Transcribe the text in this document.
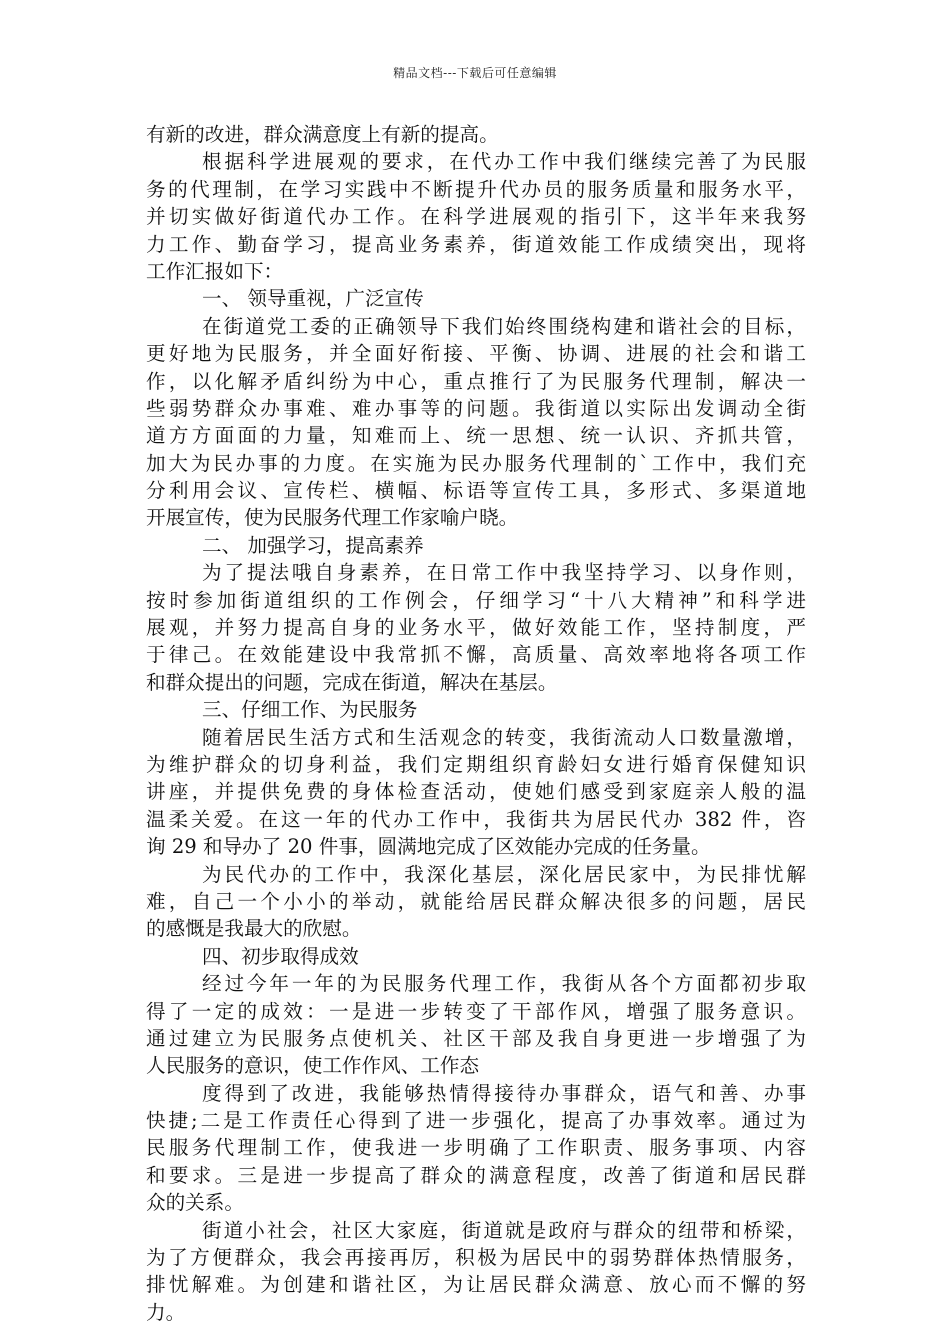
精品文档---下载后可任意编辑
有新的改进，群众满意度上有新的提高。
根据科学进展观的要求，在代办工作中我们继续完善了为民服
务的代理制，在学习实践中不断提升代办员的服务质量和服务水平，
并切实做好街道代办工作。在科学进展观的指引下，这半年来我努
力工作、勤奋学习，提高业务素养，街道效能工作成绩突出，现将
工作汇报如下：
一、 领导重视，广泛宣传
在街道党工委的正确领导下我们始终围绕构建和谐社会的目标，
更好地为民服务，并全面好衔接、平衡、协调、进展的社会和谐工
作，以化解矛盾纠纷为中心，重点推行了为民服务代理制，解决一
些弱势群众办事难、难办事等的问题。我街道以实际出发调动全街
道方方面面的力量，知难而上、统一思想、统一认识、齐抓共管，
加大为民办事的力度。在实施为民办服务代理制的`工作中，我们充
分利用会议、宣传栏、横幅、标语等宣传工具，多形式、多渠道地
开展宣传，使为民服务代理工作家喻户晓。
二、 加强学习，提高素养
为了提法哦自身素养，在日常工作中我坚持学习、以身作则，
按时参加街道组织的工作例会，仔细学习“十八大精神”和科学进
展观，并努力提高自身的业务水平，做好效能工作，坚持制度，严
于律己。在效能建设中我常抓不懈，高质量、高效率地将各项工作
和群众提出的问题，完成在街道，解决在基层。
三、仔细工作、为民服务
随着居民生活方式和生活观念的转变，我街流动人口数量激增，
为维护群众的切身利益，我们定期组织育龄妇女进行婚育保健知识
讲座，并提供免费的身体检查活动，使她们感受到家庭亲人般的温
温柔关爱。在这一年的代办工作中，我街共为居民代办 382 件，咨
询 29 和导办了 20 件事，圆满地完成了区效能办完成的任务量。
为民代办的工作中，我深化基层，深化居民家中，为民排忧解
难，自己一个小小的举动，就能给居民群众解决很多的问题，居民
的感慨是我最大的欣慰。
四、初步取得成效
经过今年一年的为民服务代理工作，我街从各个方面都初步取
得了一定的成效：一是进一步转变了干部作风，增强了服务意识。
通过建立为民服务点使机关、社区干部及我自身更进一步增强了为
人民服务的意识，使工作作风、工作态
度得到了改进，我能够热情得接待办事群众，语气和善、办事
快捷;二是工作责任心得到了进一步强化，提高了办事效率。通过为
民服务代理制工作，使我进一步明确了工作职责、服务事项、内容
和要求。三是进一步提高了群众的满意程度，改善了街道和居民群
众的关系。
街道小社会，社区大家庭，街道就是政府与群众的纽带和桥梁，
为了方便群众，我会再接再厉，积极为居民中的弱势群体热情服务，
排忧解难。为创建和谐社区，为让居民群众满意、放心而不懈的努
力。
